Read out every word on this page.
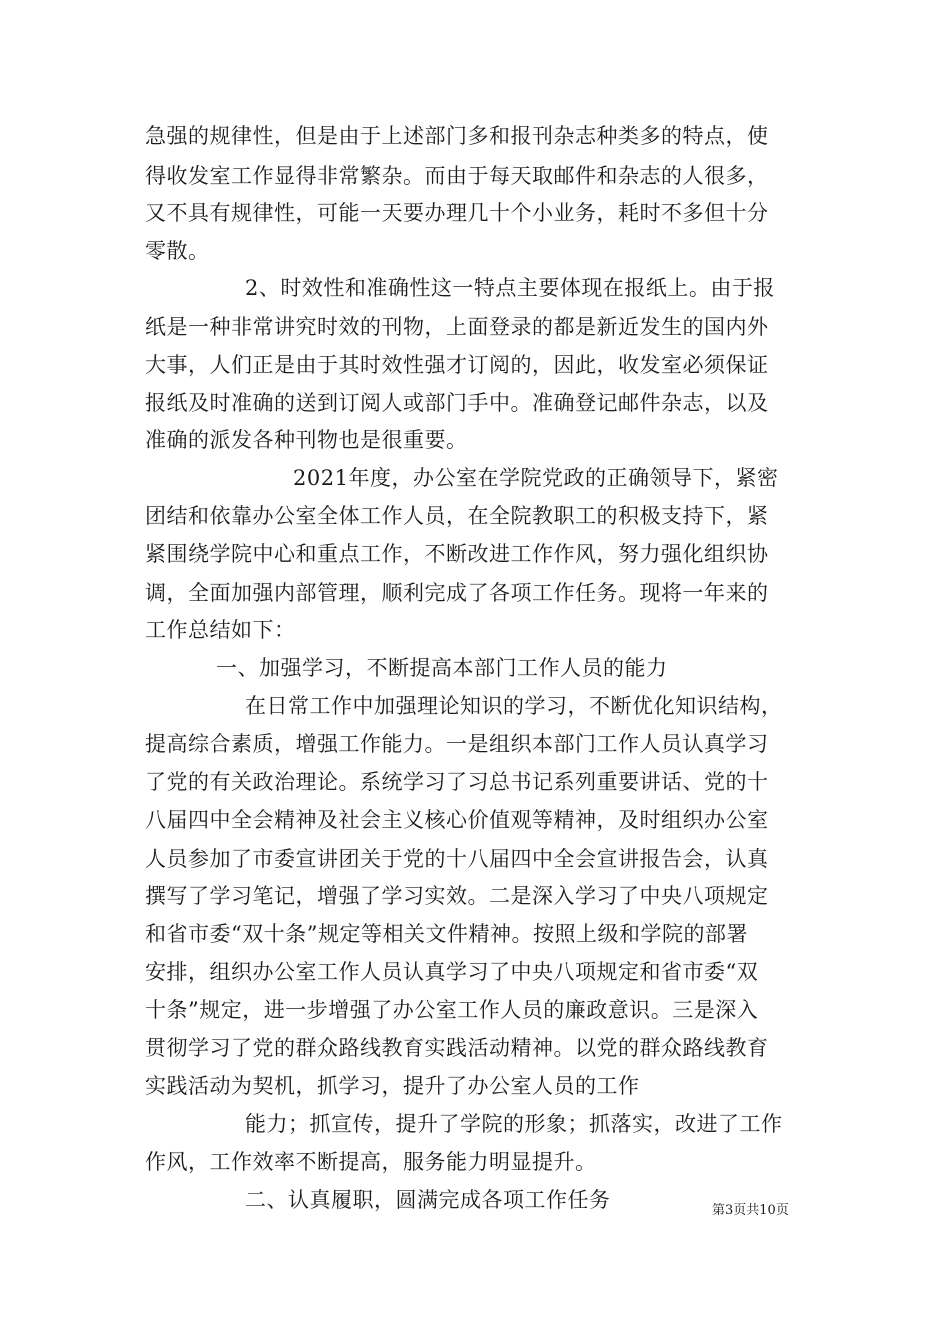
急强的规律性，但是由于上述部门多和报刊杂志种类多的特点，使
得收发室工作显得非常繁杂。而由于每天取邮件和杂志的人很多，
又不具有规律性，可能一天要办理几十个小业务，耗时不多但十分
零散。
2、时效性和准确性这一特点主要体现在报纸上。由于报
纸是一种非常讲究时效的刊物，上面登录的都是新近发生的国内外
大事，人们正是由于其时效性强才订阅的，因此，收发室必须保证
报纸及时准确的送到订阅人或部门手中。准确登记邮件杂志，以及
准确的派发各种刊物也是很重要。
2021年度，办公室在学院党政的正确领导下，紧密
团结和依靠办公室全体工作人员，在全院教职工的积极支持下，紧
紧围绕学院中心和重点工作，不断改进工作作风，努力强化组织协
调，全面加强内部管理，顺利完成了各项工作任务。现将一年来的
工作总结如下：
一、加强学习，不断提高本部门工作人员的能力
在日常工作中加强理论知识的学习，不断优化知识结构，
提高综合素质，增强工作能力。一是组织本部门工作人员认真学习
了党的有关政治理论。系统学习了习总书记系列重要讲话、党的十
八届四中全会精神及社会主义核心价值观等精神，及时组织办公室
人员参加了市委宣讲团关于党的十八届四中全会宣讲报告会，认真
撰写了学习笔记，增强了学习实效。二是深入学习了中央八项规定
和省市委“双十条”规定等相关文件精神。按照上级和学院的部署
安排，组织办公室工作人员认真学习了中央八项规定和省市委“双
十条”规定，进一步增强了办公室工作人员的廉政意识。三是深入
贯彻学习了党的群众路线教育实践活动精神。以党的群众路线教育
实践活动为契机，抓学习，提升了办公室人员的工作
能力；抓宣传，提升了学院的形象；抓落实，改进了工作
作风，工作效率不断提高，服务能力明显提升。
二、认真履职，圆满完成各项工作任务	第3页共10页
